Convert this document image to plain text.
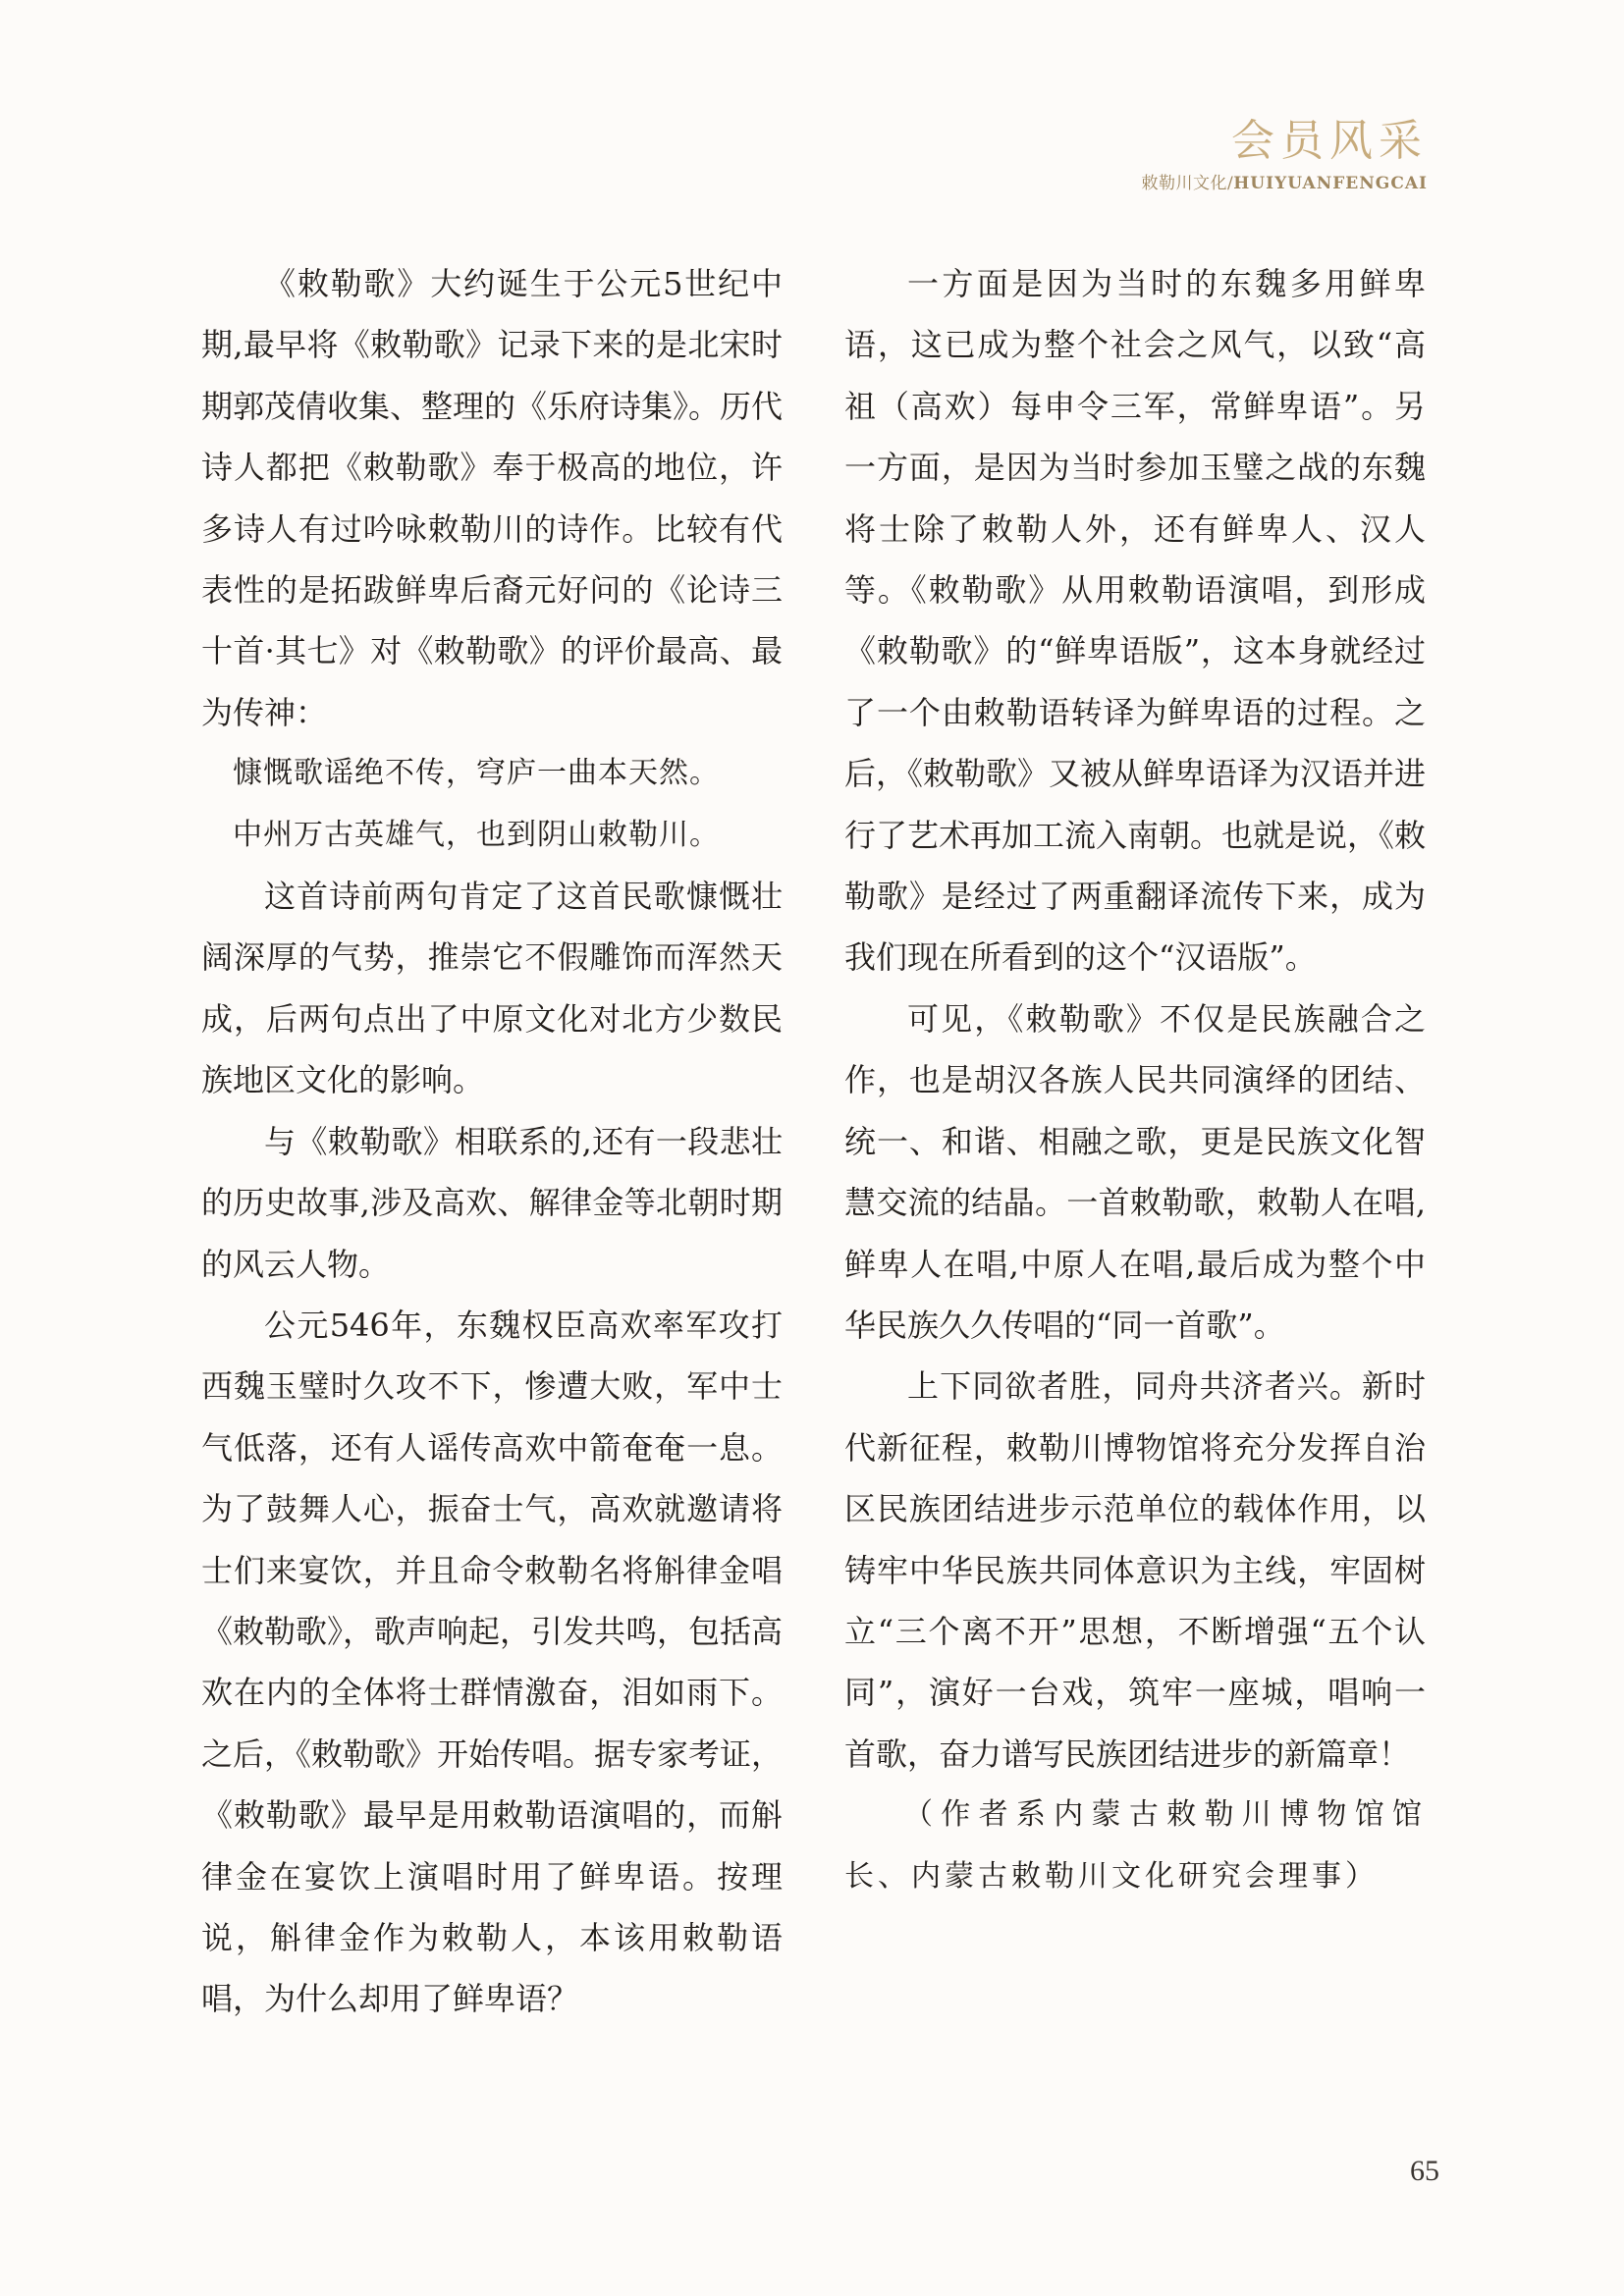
会员风采
敕勒川文化/HUIYUANFENGCAI

《敕勒歌》大约诞生于公元5世纪中期,最早将《敕勒歌》记录下来的是北宋时期郭茂倩收集、整理的《乐府诗集》。历代诗人都把《敕勒歌》奉于极高的地位，许多诗人有过吟咏敕勒川的诗作。比较有代表性的是拓跋鲜卑后裔元好问的《论诗三十首·其七》对《敕勒歌》的评价最高、最为传神：

慷慨歌谣绝不传，穹庐一曲本天然。

中州万古英雄气，也到阴山敕勒川。

这首诗前两句肯定了这首民歌慷慨壮阔深厚的气势，推崇它不假雕饰而浑然天成，后两句点出了中原文化对北方少数民族地区文化的影响。

与《敕勒歌》相联系的,还有一段悲壮的历史故事,涉及高欢、解律金等北朝时期的风云人物。

公元546年，东魏权臣高欢率军攻打西魏玉璧时久攻不下，惨遭大败，军中士气低落，还有人谣传高欢中箭奄奄一息。为了鼓舞人心，振奋士气，高欢就邀请将士们来宴饮，并且命令敕勒名将斛律金唱《敕勒歌》，歌声响起，引发共鸣，包括高欢在内的全体将士群情激奋，泪如雨下。之后，《敕勒歌》开始传唱。据专家考证，《敕勒歌》最早是用敕勒语演唱的，而斛律金在宴饮上演唱时用了鲜卑语。按理说，斛律金作为敕勒人，本该用敕勒语唱，为什么却用了鲜卑语？

一方面是因为当时的东魏多用鲜卑语，这已成为整个社会之风气，以致“高祖（高欢）每申令三军，常鲜卑语”。另一方面，是因为当时参加玉璧之战的东魏将士除了敕勒人外，还有鲜卑人、汉人等。《敕勒歌》从用敕勒语演唱，到形成《敕勒歌》的“鲜卑语版”，这本身就经过了一个由敕勒语转译为鲜卑语的过程。之后，《敕勒歌》又被从鲜卑语译为汉语并进行了艺术再加工流入南朝。也就是说，《敕勒歌》是经过了两重翻译流传下来，成为我们现在所看到的这个“汉语版”。

可见，《敕勒歌》不仅是民族融合之作，也是胡汉各族人民共同演绎的团结、统一、和谐、相融之歌，更是民族文化智慧交流的结晶。一首敕勒歌，敕勒人在唱,鲜卑人在唱,中原人在唱,最后成为整个中华民族久久传唱的“同一首歌”。

上下同欲者胜，同舟共济者兴。新时代新征程，敕勒川博物馆将充分发挥自治区民族团结进步示范单位的载体作用，以铸牢中华民族共同体意识为主线，牢固树立“三个离不开”思想，不断增强“五个认同”，演好一台戏，筑牢一座城，唱响一首歌，奋力谱写民族团结进步的新篇章！

（作者系内蒙古敕勒川博物馆馆长、内蒙古敕勒川文化研究会理事）

65
